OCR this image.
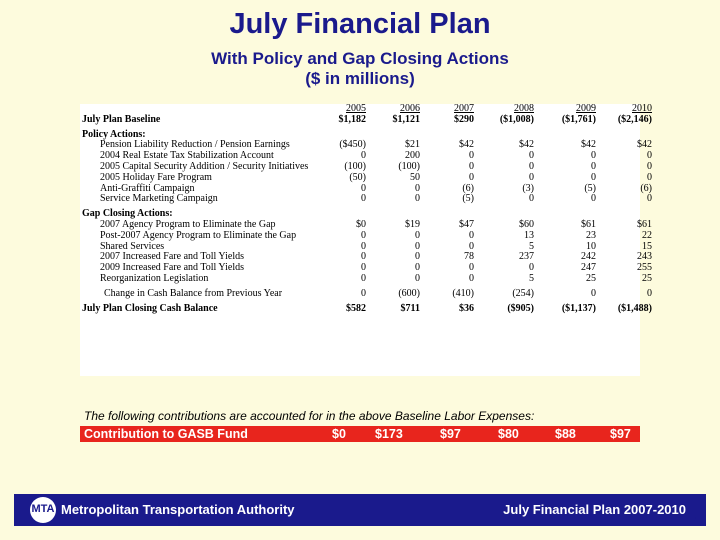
July Financial Plan
With Policy and Gap Closing Actions
($ in millions)
	2005	2006	2007	2008	2009	2010
July Plan Baseline	$1,182	$1,121	$290	($1,008)	($1,761)	($2,146)

Policy Actions:						
Pension Liability Reduction / Pension Earnings	($450)	$21	$42	$42	$42	$42
2004 Real Estate Tax Stabilization Account	0	200	0	0	0	0
2005 Capital Security Addition / Security Initiatives	(100)	(100)	0	0	0	0
2005 Holiday Fare Program	(50)	50	0	0	0	0
Anti-Graffiti Campaign	0	0	(6)	(3)	(5)	(6)
Service Marketing Campaign	0	0	(5)	0	0	0

Gap Closing Actions:						
2007 Agency Program to Eliminate the Gap	$0	$19	$47	$60	$61	$61
Post-2007 Agency Program to Eliminate the Gap	0	0	0	13	23	22
Shared Services	0	0	0	5	10	15
2007 Increased Fare and Toll Yields	0	0	78	237	242	243
2009 Increased Fare and Toll Yields	0	0	0	0	247	255
Reorganization Legislation	0	0	0	5	25	25

Change in Cash Balance from Previous Year	0	(600)	(410)	(254)	0	0

July Plan Closing Cash Balance	$582	$711	$36	($905)	($1,137)	($1,488)
The following contributions are accounted for in the above Baseline Labor Expenses:
Contribution to GASB Fund	$0 $173	$97	$80	$88	$97
MTA Metropolitan Transportation Authority	July Financial Plan 2007-2010
7
